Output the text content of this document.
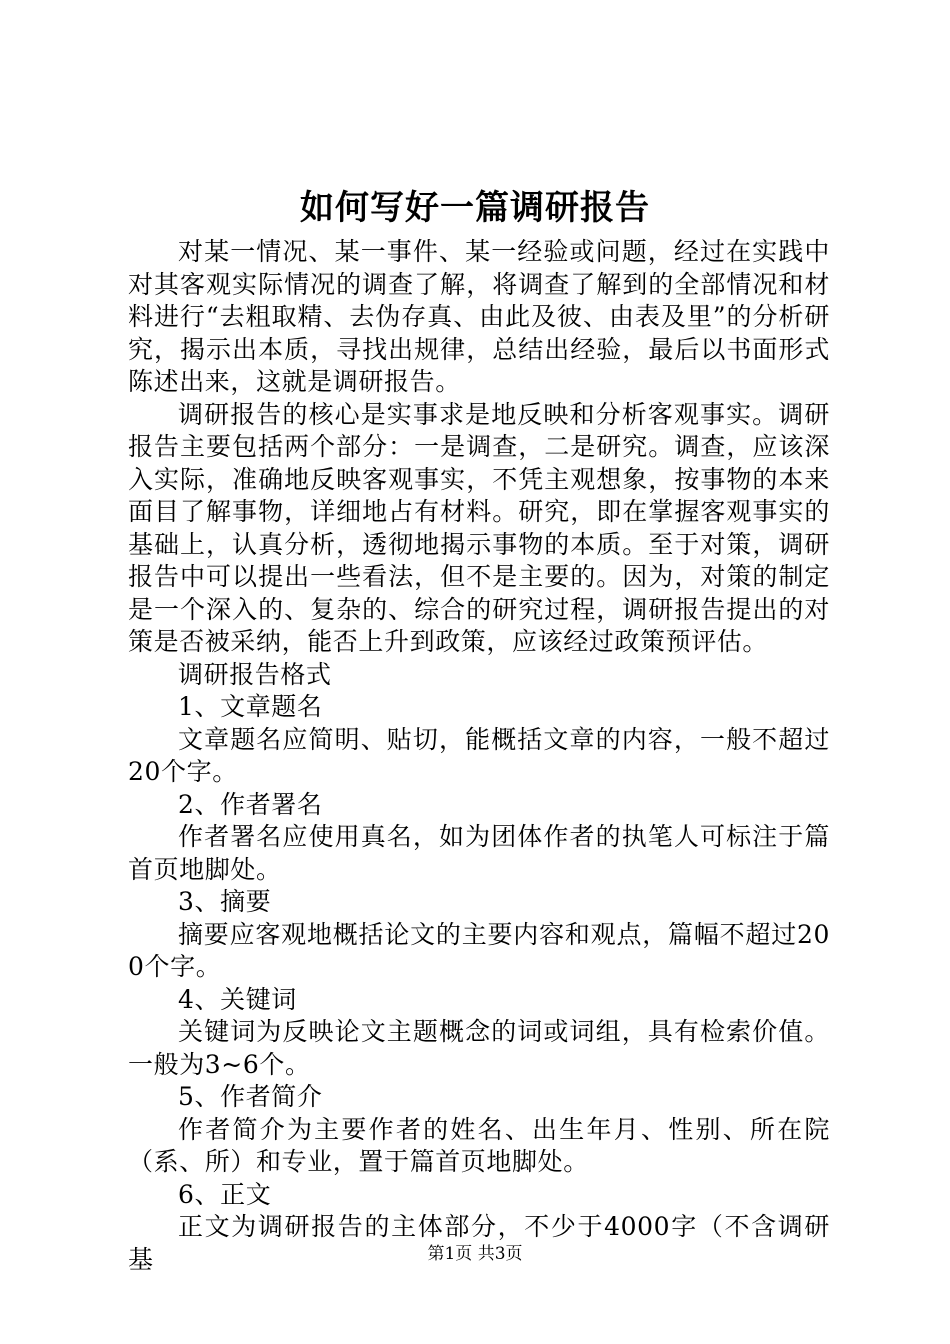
如何写好一篇调研报告

对某一情况、某一事件、某一经验或问题，经过在实践中对其客观实际情况的调查了解，将调查了解到的全部情况和材料进行“去粗取精、去伪存真、由此及彼、由表及里”的分析研究，揭示出本质，寻找出规律，总结出经验，最后以书面形式陈述出来，这就是调研报告。

调研报告的核心是实事求是地反映和分析客观事实。调研报告主要包括两个部分：一是调查，二是研究。调查，应该深入实际，准确地反映客观事实，不凭主观想象，按事物的本来面目了解事物，详细地占有材料。研究，即在掌握客观事实的基础上，认真分析，透彻地揭示事物的本质。至于对策，调研报告中可以提出一些看法，但不是主要的。因为，对策的制定是一个深入的、复杂的、综合的研究过程，调研报告提出的对策是否被采纳，能否上升到政策，应该经过政策预评估。

调研报告格式

1、文章题名

文章题名应简明、贴切，能概括文章的内容，一般不超过20个字。

2、作者署名

作者署名应使用真名，如为团体作者的执笔人可标注于篇首页地脚处。

3、摘要

摘要应客观地概括论文的主要内容和观点，篇幅不超过200个字。

4、关键词

关键词为反映论文主题概念的词或词组，具有检索价值。一般为3~6个。

5、作者简介

作者简介为主要作者的姓名、出生年月、性别、所在院（系、所）和专业，置于篇首页地脚处。

6、正文

正文为调研报告的主体部分，不少于4000字（不含调研基	第1页 共3页
